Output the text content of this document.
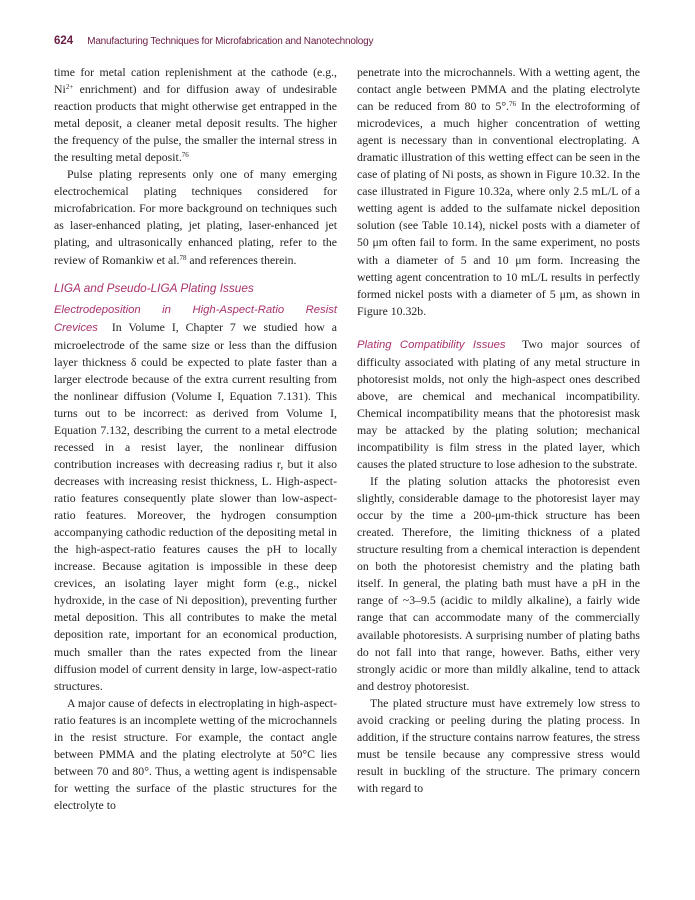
624 Manufacturing Techniques for Microfabrication and Nanotechnology

time for metal cation replenishment at the cathode (e.g., $Ni^{2+}$ enrichment) and for diffusion away of undesirable reaction products that might otherwise get entrapped in the metal deposit, a cleaner metal deposit results. The higher the frequency of the pulse, the smaller the internal stress in the resulting metal deposit.$^{76}$

Pulse plating represents only one of many emerging electrochemical plating techniques considered for microfabrication. For more background on techniques such as laser-enhanced plating, jet plating, laser-enhanced jet plating, and ultrasonically enhanced plating, refer to the review of Romankiw et al.$^{78}$ and references therein.

LIGA and Pseudo-LIGA Plating Issues

Electrodeposition in High-Aspect-Ratio Resist Crevices In Volume I, Chapter 7 we studied how a microelectrode of the same size or less than the diffusion layer thickness δ could be expected to plate faster than a larger electrode because of the extra current resulting from the nonlinear diffusion (Volume I, Equation 7.131). This turns out to be incorrect: as derived from Volume I, Equation 7.132, describing the current to a metal electrode recessed in a resist layer, the nonlinear diffusion contribution increases with decreasing radius r, but it also decreases with increasing resist thickness, L. High-aspect-ratio features consequently plate slower than low-aspect-ratio features. Moreover, the hydrogen consumption accompanying cathodic reduction of the depositing metal in the high-aspect-ratio features causes the pH to locally increase. Because agitation is impossible in these deep crevices, an isolating layer might form (e.g., nickel hydroxide, in the case of Ni deposition), preventing further metal deposition. This all contributes to make the metal deposition rate, important for an economical production, much smaller than the rates expected from the linear diffusion model of current density in large, low-aspect-ratio structures.

A major cause of defects in electroplating in high-aspect-ratio features is an incomplete wetting of the microchannels in the resist structure. For example, the contact angle between PMMA and the plating electrolyte at 50°C lies between 70 and 80°. Thus, a wetting agent is indispensable for wetting the surface of the plastic structures for the electrolyte to

penetrate into the microchannels. With a wetting agent, the contact angle between PMMA and the plating electrolyte can be reduced from 80 to 5°.$^{76}$ In the electroforming of microdevices, a much higher concentration of wetting agent is necessary than in conventional electroplating. A dramatic illustration of this wetting effect can be seen in the case of plating of Ni posts, as shown in Figure 10.32. In the case illustrated in Figure 10.32a, where only 2.5 mL/L of a wetting agent is added to the sulfamate nickel deposition solution (see Table 10.14), nickel posts with a diameter of 50 μm often fail to form. In the same experiment, no posts with a diameter of 5 and 10 μm form. Increasing the wetting agent concentration to 10 mL/L results in perfectly formed nickel posts with a diameter of 5 μm, as shown in Figure 10.32b.

Plating Compatibility Issues Two major sources of difficulty associated with plating of any metal structure in photoresist molds, not only the high-aspect ones described above, are chemical and mechanical incompatibility. Chemical incompatibility means that the photoresist mask may be attacked by the plating solution; mechanical incompatibility is film stress in the plated layer, which causes the plated structure to lose adhesion to the substrate.

If the plating solution attacks the photoresist even slightly, considerable damage to the photoresist layer may occur by the time a 200-μm-thick structure has been created. Therefore, the limiting thickness of a plated structure resulting from a chemical interaction is dependent on both the photoresist chemistry and the plating bath itself. In general, the plating bath must have a pH in the range of ~3–9.5 (acidic to mildly alkaline), a fairly wide range that can accommodate many of the commercially available photoresists. A surprising number of plating baths do not fall into that range, however. Baths, either very strongly acidic or more than mildly alkaline, tend to attack and destroy photoresist.

The plated structure must have extremely low stress to avoid cracking or peeling during the plating process. In addition, if the structure contains narrow features, the stress must be tensile because any compressive stress would result in buckling of the structure. The primary concern with regard to
